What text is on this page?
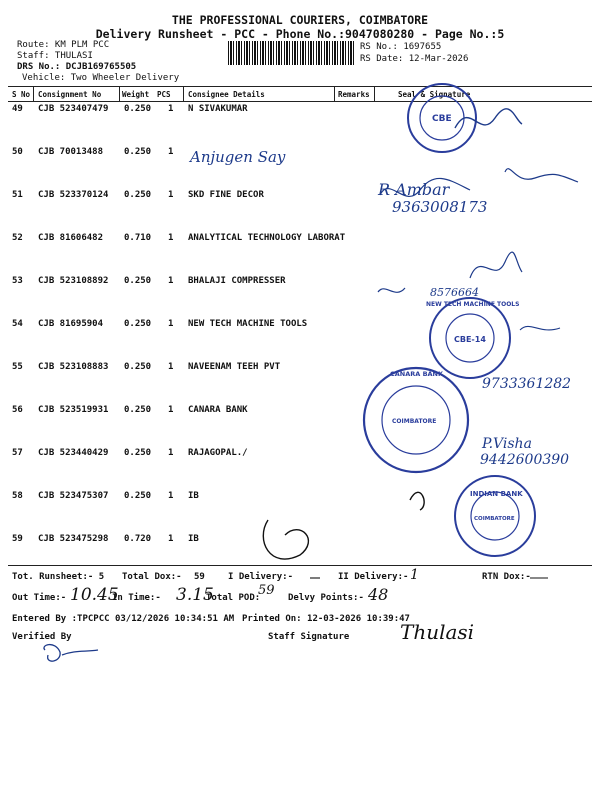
THE PROFESSIONAL COURIERS, COIMBATORE
Delivery Runsheet - PCC - Phone No.:9047080280 - Page No.:5
Route: KM PLM PCC
Staff: THULASI
DRS No.: DCJB169765505
Vehicle: Two Wheeler Delivery
RS No.: 1697655
RS Date: 12-Mar-2026
S No Consignment No	Weight PCS Consignee Details	Remarks	Seal & Signature
49 CJB 523407479 0.250 1 N SIVAKUMAR
50 CJB 70013488 0.250 1
51 CJB 523370124 0.250 1 SKD FINE DECOR
52 CJB 81606482 0.710 1 ANALYTICAL TECHNOLOGY LABORAT
53 CJB 523108892 0.250 1 BHALAJI COMPRESSER
54 CJB 81695904 0.250 1 NEW TECH MACHINE TOOLS
55 CJB 523108883 0.250 1 NAVEENAM TEEH PVT
56 CJB 523519931 0.250 1 CANARA BANK
57 CJB 523440429 0.250 1 RAJAGOPAL./
58 CJB 523475307 0.250 1 IB
59 CJB 523475298 0.720 1 IB
CBE
CBE-14
NEW TECH MACHINE TOOLS
CANARA BANK
COIMBATORE
INDIAN BANK
COIMBATORE
Anjugen Say
R Ambar
9363008173
8576664
9733361282
P.Visha
9442600390
Tot. Runsheet:- 5 Total Dox:- 59	I Delivery:-	II Delivery:- 1	RTN Dox:-
Out Time:- 10.45
In Time:- 3.15
Total POD:
59 Delvy Points:- 48
Entered By :TPCPCC 03/12/2026 10:34:51 AM Printed On: 12-03-2026 10:39:47
Verified By	Staff Signature	Thulasi
